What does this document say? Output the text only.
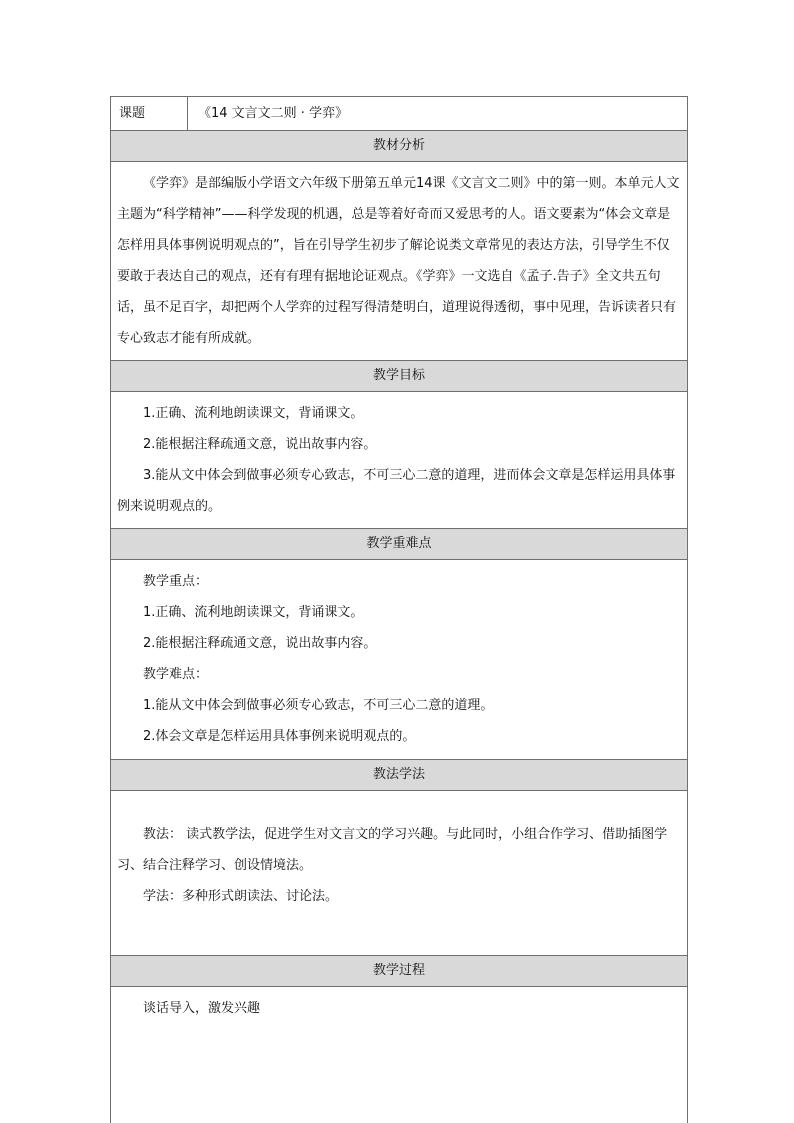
课题	《14 文言文二则 · 学弈》
教材分析

《学弈》是部编版小学语文六年级下册第五单元14课《文言文二则》中的第一则。本单元人文主题为“科学精神”——科学发现的机遇，总是等着好奇而又爱思考的人。语文要素为“体会文章是怎样用具体事例说明观点的”，旨在引导学生初步了解论说类文章常见的表达方法，引导学生不仅要敢于表达自己的观点，还有有理有据地论证观点。《学弈》一文选自《孟子.告子》全文共五句话，虽不足百字，却把两个人学弈的过程写得清楚明白，道理说得透彻，事中见理，告诉读者只有专心致志才能有所成就。

教学目标

1.正确、流利地朗读课文，背诵课文。

2.能根据注释疏通文意，说出故事内容。

3.能从文中体会到做事必须专心致志，不可三心二意的道理，进而体会文章是怎样运用具体事例来说明观点的。

教学重难点

教学重点：

1.正确、流利地朗读课文，背诵课文。

2.能根据注释疏通文意，说出故事内容。

教学难点：

1.能从文中体会到做事必须专心致志，不可三心二意的道理。

2.体会文章是怎样运用具体事例来说明观点的。

教法学法

教法： 读式教学法，促进学生对文言文的学习兴趣。与此同时，小组合作学习、借助插图学习、结合注释学习、创设情境法。

学法：多种形式朗读法、讨论法。

教学过程

谈话导入，激发兴趣
